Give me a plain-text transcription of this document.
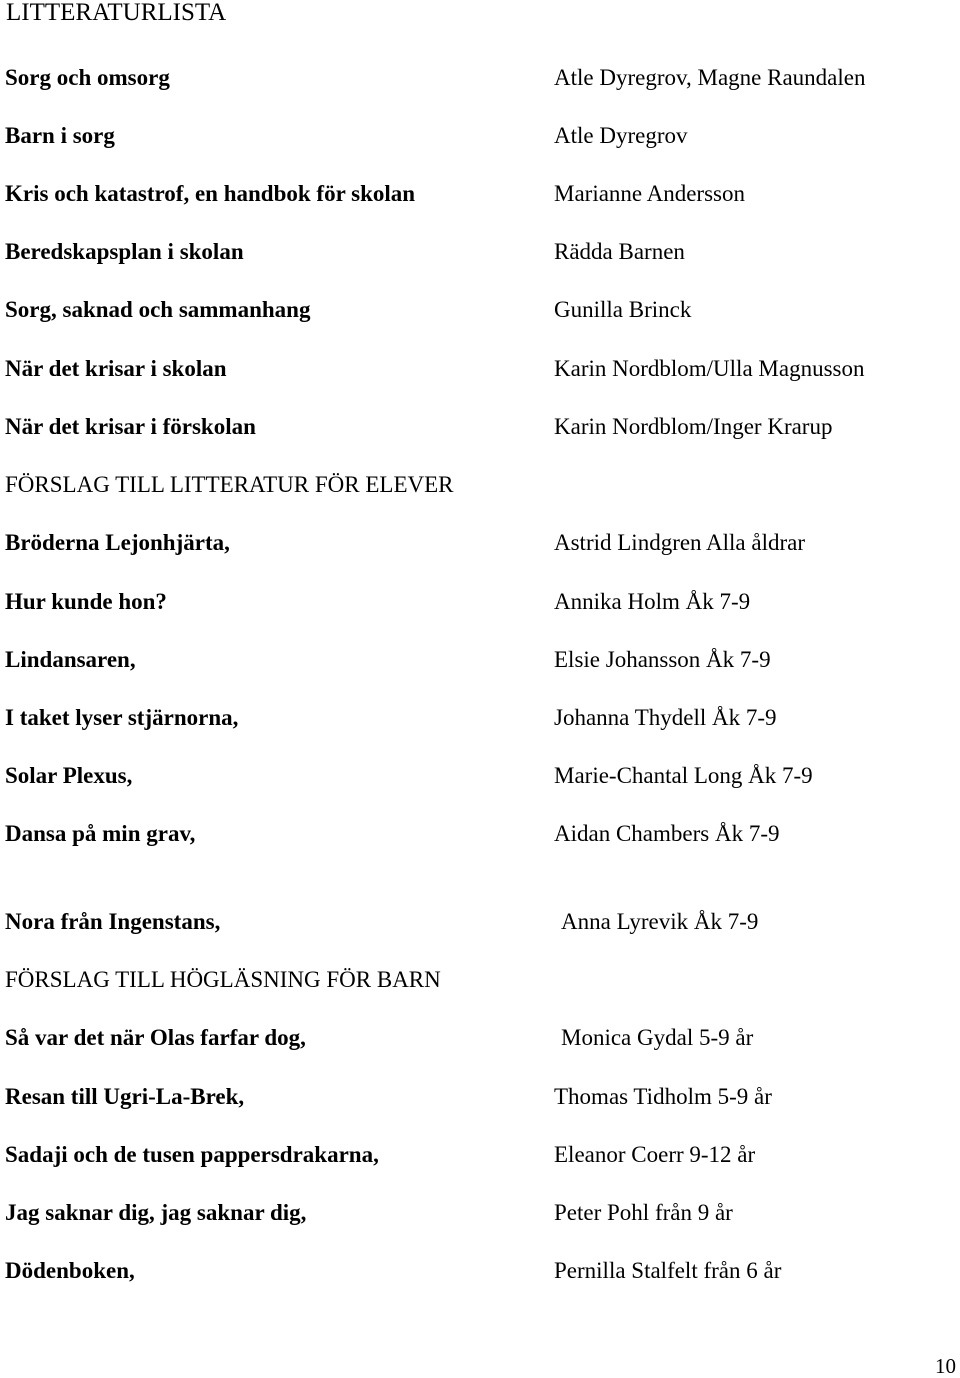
LITTERATURLISTA
Sorg och omsorg	Atle Dyregrov, Magne Raundalen
Barn i sorg	Atle Dyregrov
Kris och katastrof, en handbok för skolan	Marianne Andersson
Beredskapsplan i skolan	Rädda Barnen
Sorg, saknad och sammanhang	Gunilla Brinck
När det krisar i skolan	Karin Nordblom/Ulla Magnusson
När det krisar i förskolan	Karin Nordblom/Inger Krarup
FÖRSLAG TILL LITTERATUR FÖR ELEVER
Bröderna Lejonhjärta,	Astrid Lindgren Alla åldrar
Hur kunde hon?	Annika Holm Åk 7-9
Lindansaren,	Elsie Johansson Åk 7-9
I taket lyser stjärnorna,	Johanna Thydell Åk 7-9
Solar Plexus,	Marie-Chantal Long Åk 7-9
Dansa på min grav,	Aidan Chambers Åk 7-9
Nora från Ingenstans,	Anna Lyrevik Åk 7-9
FÖRSLAG TILL HÖGLÄSNING FÖR BARN
Så var det när Olas farfar dog,	Monica Gydal 5-9 år
Resan till Ugri-La-Brek,	Thomas Tidholm 5-9 år
Sadaji och de tusen pappersdrakarna,	Eleanor Coerr 9-12 år
Jag saknar dig, jag saknar dig,	Peter Pohl från 9 år
Dödenboken,	Pernilla Stalfelt från 6 år
10
